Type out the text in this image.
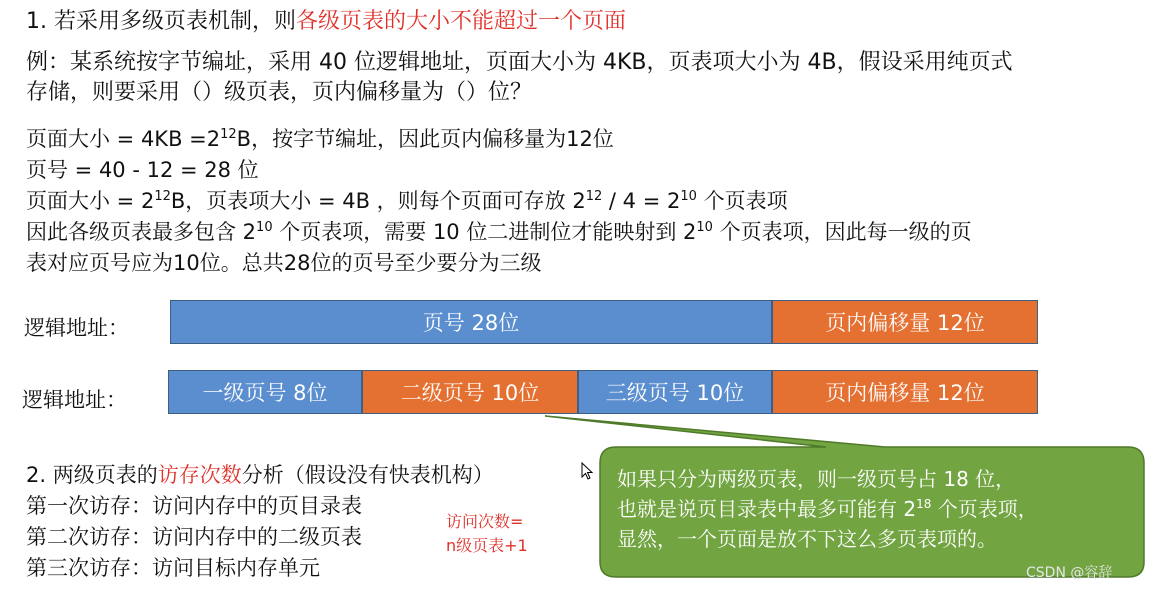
1. 若采用多级页表机制，则各级页表的大小不能超过一个页面
例：某系统按字节编址，采用 40 位逻辑地址，页面大小为 4KB，页表项大小为 4B，假设采用纯页式
存储，则要采用（）级页表，页内偏移量为（）位？
页面大小 = $4KB =2^{12}B$，按字节编址，因此页内偏移量为12位
页号 = 40 - 12 = 28 位
页面大小 = $2^{12}B$，页表项大小 = 4B ，则每个页面可存放 $2^{12} / 4 = 2^{10}$ 个页表项
因此各级页表最多包含 $2^{10}$ 个页表项，需要 10 位二进制位才能映射到 $2^{10}$ 个页表项，因此每一级的页
表对应页号应为10位。总共28位的页号至少要分为三级
逻辑地址：	页号 28位	页内偏移量 12位
逻辑地址：	一级页号 8位	二级页号 10位	三级页号 10位	页内偏移量 12位
2. 两级页表的访存次数分析（假设没有快表机构）
第一次访存：访问内存中的页目录表
第二次访存：访问内存中的二级页表
第三次访存：访问目标内存单元
访问次数=
n级页表+1
如果只分为两级页表，则一级页号占 18 位，
也就是说页目录表中最多可能有 $2^{18}$ 个页表项，
显然，一个页面是放不下这么多页表项的。
CSDN @容辞
